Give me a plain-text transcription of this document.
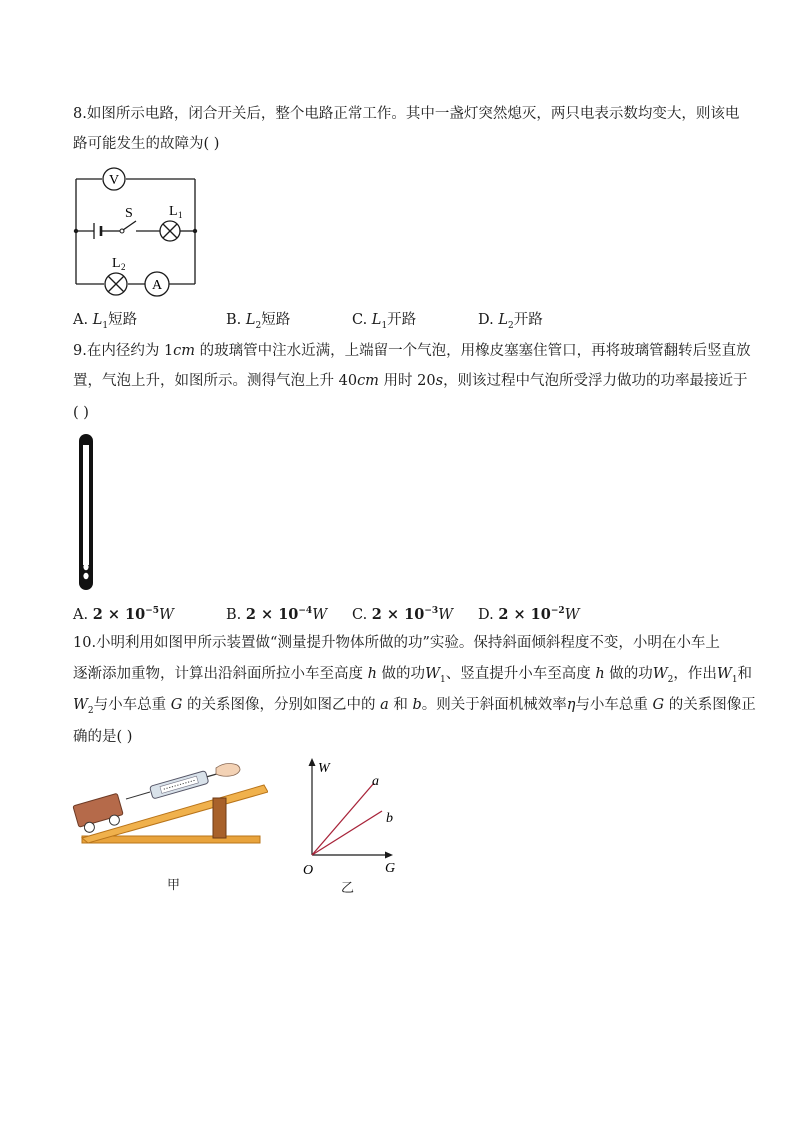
8.如图所示电路，闭合开关后，整个电路正常工作。其中一盏灯突然熄灭，两只电表示数均变大，则该电
路可能发生的故障为( )
V
A
S	L 1
L 2
A. $L_1$短路	B. $L_2$短路	C. $L_1$开路	D. $L_2$开路
9.在内径约为 1cm 的玻璃管中注水近满，上端留一个气泡，用橡皮塞塞住管口，再将玻璃管翻转后竖直放
置，气泡上升，如图所示。测得气泡上升 40cm 用时 20s，则该过程中气泡所受浮力做功的功率最接近于
( )
A. $2 \times 10^{-5}W$	B. $2 \times 10^{-4}W$ C. $2 \times 10^{-3}W$ D. $2 \times 10^{-2}W$
10.小明利用如图甲所示装置做“测量提升物体所做的功”实验。保持斜面倾斜程度不变，小明在小车上
逐渐添加重物，计算出沿斜面所拉小车至高度 h 做的功$W_1$、竖直提升小车至高度 h 做的功$W_2$，作出$W_1$和
$W_2$与小车总重 G 的关系图像，分别如图乙中的 a 和 b。则关于斜面机械效率η与小车总重 G 的关系图像正
确的是( )
甲
W
G
O
a
b
乙
